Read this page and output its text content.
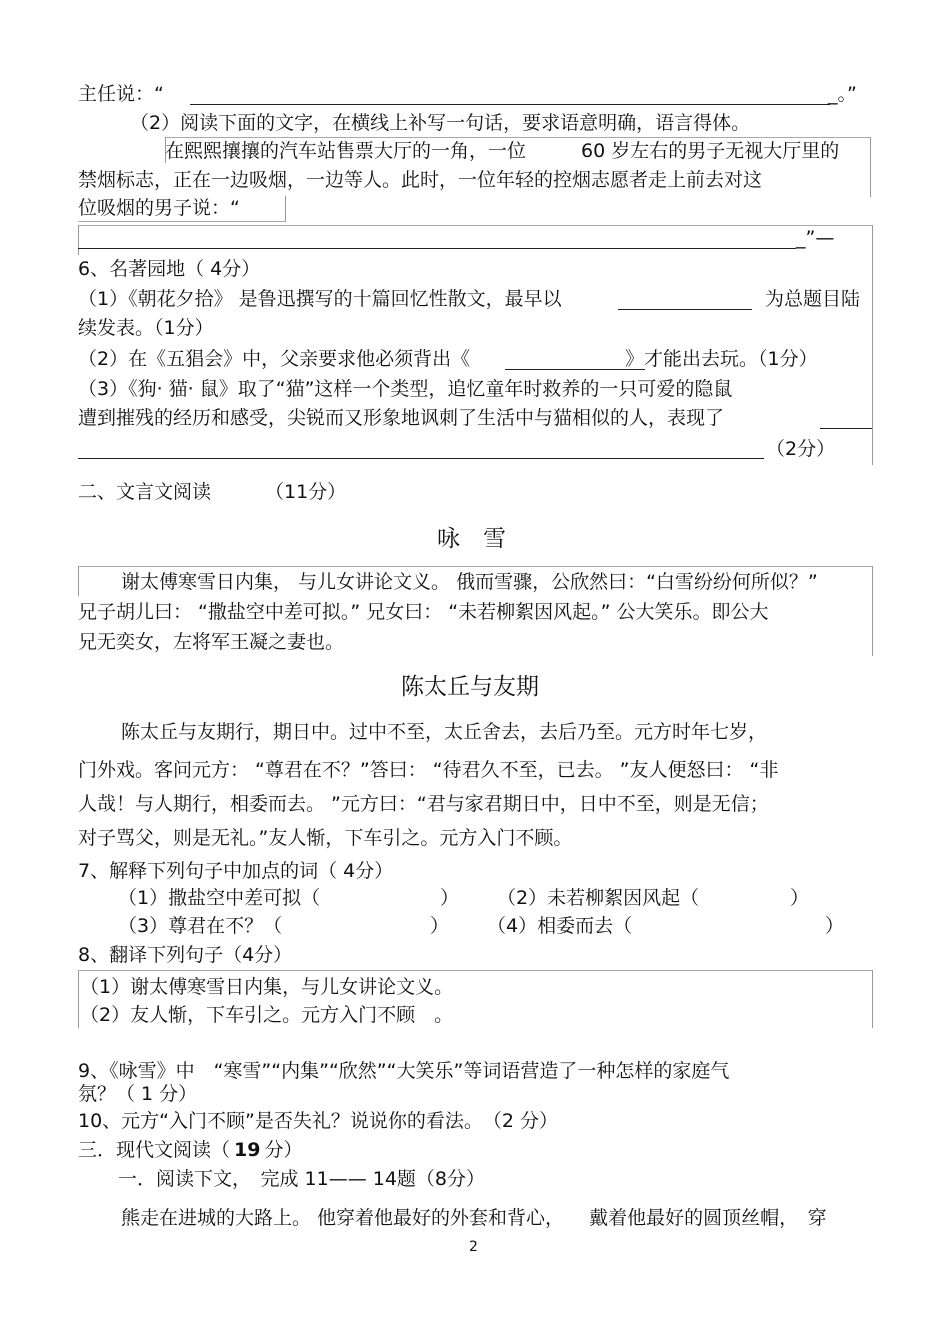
主任说：“	_。”
（2）阅读下面的文字，在横线上补写一句话，要求语意明确，语言得体。
在熙熙攘攘的汽车站售票大厅的一角，一位	60 岁左右的男子无视大厅里的
禁烟标志，正在一边吸烟，一边等人。此时，一位年轻的控烟志愿者走上前去对这
位吸烟的男子说：“
_”—
6、名著园地（ 4分）
（1）《朝花夕拾》 是鲁迅撰写的十篇回忆性散文，最早以	为总题目陆
续发表。（1分）
（2）在《五猖会》中，父亲要求他必须背出《	》才能出去玩。（1分）
（3）《狗· 猫· 鼠》取了“猫”这样一个类型，追忆童年时救养的一只可爱的隐鼠
遭到摧残的经历和感受，尖锐而又形象地讽刺了生活中与猫相似的人，表现了
（2分）
二、文言文阅读	（11分）
咏　雪
谢太傅寒雪日内集， 与儿女讲论文义。 俄而雪骤，公欣然曰：“白雪纷纷何所似？”
兄子胡儿曰： “撒盐空中差可拟。” 兄女曰： “未若柳絮因风起。” 公大笑乐。即公大
兄无奕女，左将军王凝之妻也。
陈太丘与友期
陈太丘与友期行，期日中。过中不至，太丘舍去，去后乃至。元方时年七岁，
门外戏。客问元方： “尊君在不？”答曰： “待君久不至，已去。 ”友人便怒曰： “非
人哉！与人期行，相委而去。 ”元方曰：“君与家君期日中，日中不至，则是无信；
对子骂父，则是无礼。”友人惭，下车引之。元方入门不顾。
7、解释下列句子中加点的词（ 4分）
（1）撒盐空中差可拟（	） （2）未若柳絮因风起（	）
（3）尊君在不？（	） （4）相委而去（	）
8、翻译下列句子（4分）
（1）谢太傅寒雪日内集，与儿女讲论文义。
（2）友人惭，下车引之。元方入门不顾　。
9、《咏雪》中　“寒雪”“内集”“欣然”“大笑乐”等词语营造了一种怎样的家庭气
氛？（ 1 分）
10、元方“入门不顾”是否失礼？说说你的看法。　（2 分）
三．现代文阅读（ 19 分）
一．阅读下文，　完成 11—— 14题（8分）
熊走在进城的大路上。 他穿着他最好的外套和背心， 　戴着他最好的圆顶丝帽，　穿
2
